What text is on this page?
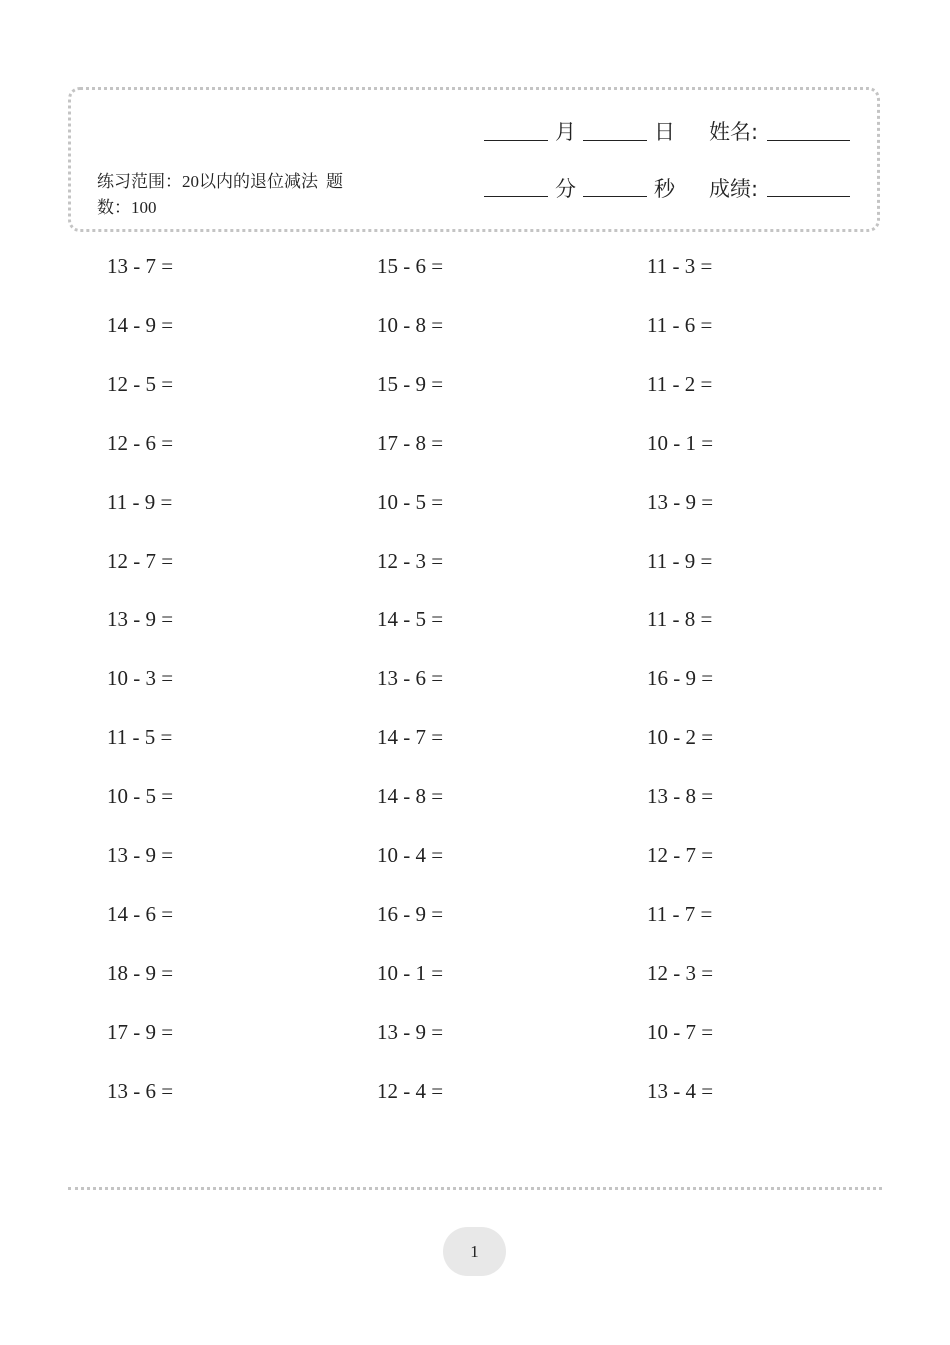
练习范围：20以内的退位减法 题数：100
月	日 姓名:
分	秒 成绩:
13 - 7 =
14 - 9 =
12 - 5 =
12 - 6 =
11 - 9 =
12 - 7 =
13 - 9 =
10 - 3 =
11 - 5 =
10 - 5 =
13 - 9 =
14 - 6 =
18 - 9 =
17 - 9 =
13 - 6 =
15 - 6 =
10 - 8 =
15 - 9 =
17 - 8 =
10 - 5 =
12 - 3 =
14 - 5 =
13 - 6 =
14 - 7 =
14 - 8 =
10 - 4 =
16 - 9 =
10 - 1 =
13 - 9 =
12 - 4 =
11 - 3 =
11 - 6 =
11 - 2 =
10 - 1 =
13 - 9 =
11 - 9 =
11 - 8 =
16 - 9 =
10 - 2 =
13 - 8 =
12 - 7 =
11 - 7 =
12 - 3 =
10 - 7 =
13 - 4 =
1
